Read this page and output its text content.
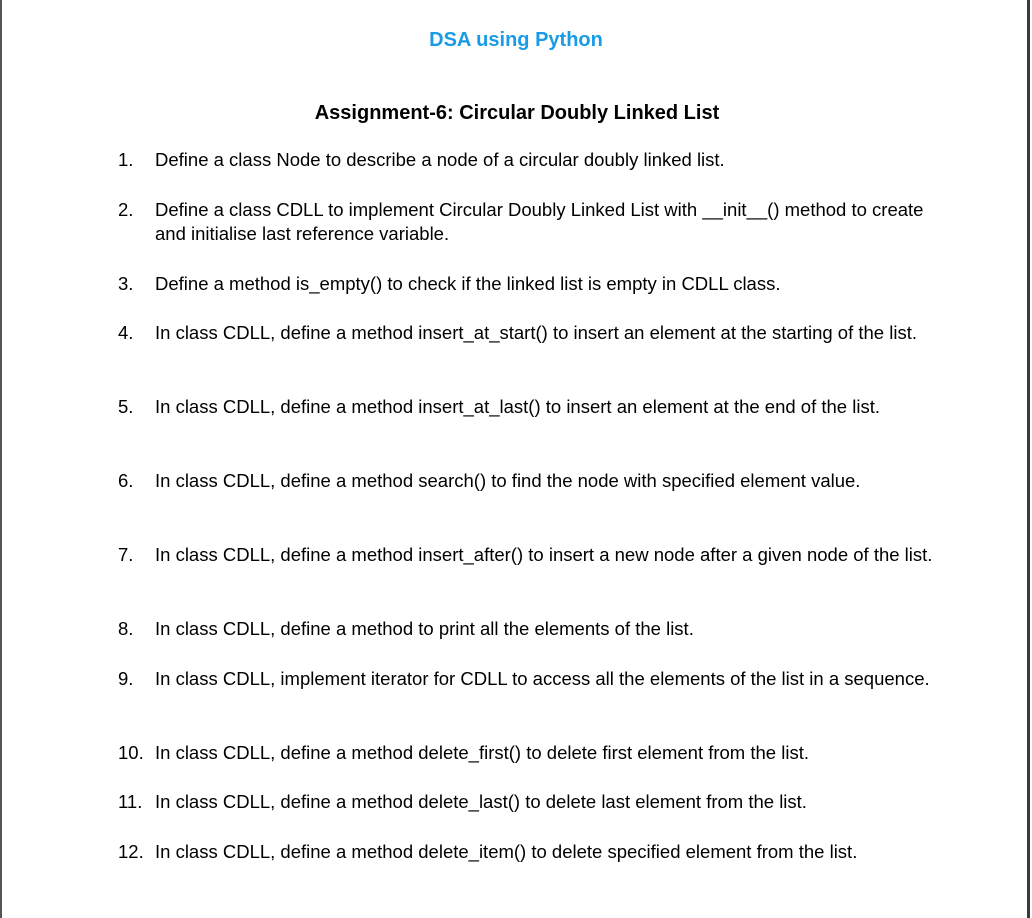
DSA using Python
Assignment-6: Circular Doubly Linked List
1.	Define a class Node to describe a node of a circular doubly linked list.
2.	Define a class CDLL to implement Circular Doubly Linked List with __init__() method to create and initialise last reference variable.
3.	Define a method is_empty() to check if the linked list is empty in CDLL class.
4.	In class CDLL, define a method insert_at_start() to insert an element at the starting of the list.
5.	In class CDLL, define a method insert_at_last() to insert an element at the end of the list.
6.	In class CDLL, define a method search() to find the node with specified element value.
7.	In class CDLL, define a method insert_after() to insert a new node after a given node of the list.
8.	In class CDLL, define a method to print all the elements of the list.
9.	In class CDLL, implement iterator for CDLL to access all the elements of the list in a sequence.
10. In class CDLL, define a method delete_first() to delete first element from the list.
11. In class CDLL, define a method delete_last() to delete last element from the list.
12. In class CDLL, define a method delete_item() to delete specified element from the list.
